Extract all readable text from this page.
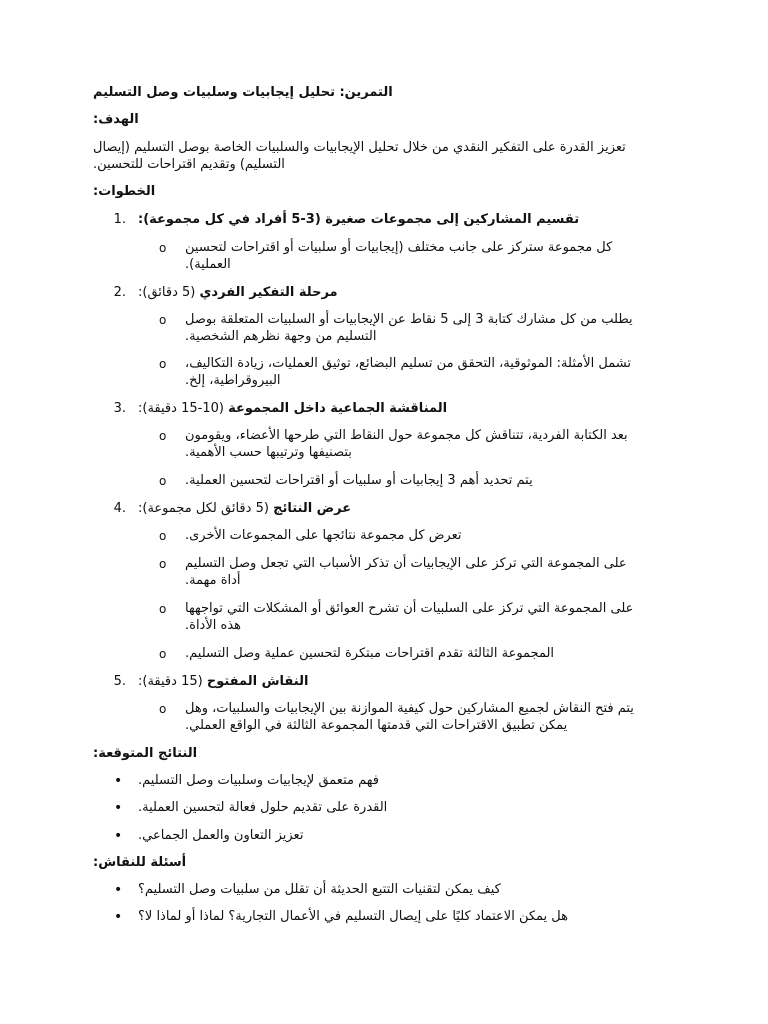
التمرين: تحليل إيجابيات وسلبيات وصل التسليم
الهدف:
تعزيز القدرة على التفكير النقدي من خلال تحليل الإيجابيات والسلبيات الخاصة بوصل التسليم (إيصال
التسليم) وتقديم اقتراحات للتحسين.
الخطوات:
1. تقسيم المشاركين إلى مجموعات صغيرة (3-5 أفراد في كل مجموعة):
o كل مجموعة ستركز على جانب مختلف (إيجابيات أو سلبيات أو اقتراحات لتحسين
العملية).
2.	مرحلة التفكير الفردي (5 دقائق):
o يطلب من كل مشارك كتابة 3 إلى 5 نقاط عن الإيجابيات أو السلبيات المتعلقة بوصل
التسليم من وجهة نظرهم الشخصية.
o تشمل الأمثلة: الموثوقية، التحقق من تسليم البضائع، توثيق العمليات، زيادة التكاليف،
البيروقراطية، إلخ.
3.	المناقشة الجماعية داخل المجموعة (10-15 دقيقة):
o بعد الكتابة الفردية، تتناقش كل مجموعة حول النقاط التي طرحها الأعضاء، ويقومون
بتصنيفها وترتيبها حسب الأهمية.
o يتم تحديد أهم 3 إيجابيات أو سلبيات أو اقتراحات لتحسين العملية.
4.	عرض النتائج (5 دقائق لكل مجموعة):
o تعرض كل مجموعة نتائجها على المجموعات الأخرى.
o على المجموعة التي تركز على الإيجابيات أن تذكر الأسباب التي تجعل وصل التسليم
أداة مهمة.
o على المجموعة التي تركز على السلبيات أن تشرح العوائق أو المشكلات التي تواجهها
هذه الأداة.
o المجموعة الثالثة تقدم اقتراحات مبتكرة لتحسين عملية وصل التسليم.
5.	النقاش المفتوح (15 دقيقة):
o يتم فتح النقاش لجميع المشاركين حول كيفية الموازنة بين الإيجابيات والسلبيات، وهل
يمكن تطبيق الاقتراحات التي قدمتها المجموعة الثالثة في الواقع العملي.
النتائج المتوقعة:
• فهم متعمق لإيجابيات وسلبيات وصل التسليم.
• القدرة على تقديم حلول فعالة لتحسين العملية.
• تعزيز التعاون والعمل الجماعي.
أسئلة للنقاش:
• كيف يمكن لتقنيات التتبع الحديثة أن تقلل من سلبيات وصل التسليم؟
• هل يمكن الاعتماد كليًا على إيصال التسليم في الأعمال التجارية؟ لماذا أو لماذا لا؟
